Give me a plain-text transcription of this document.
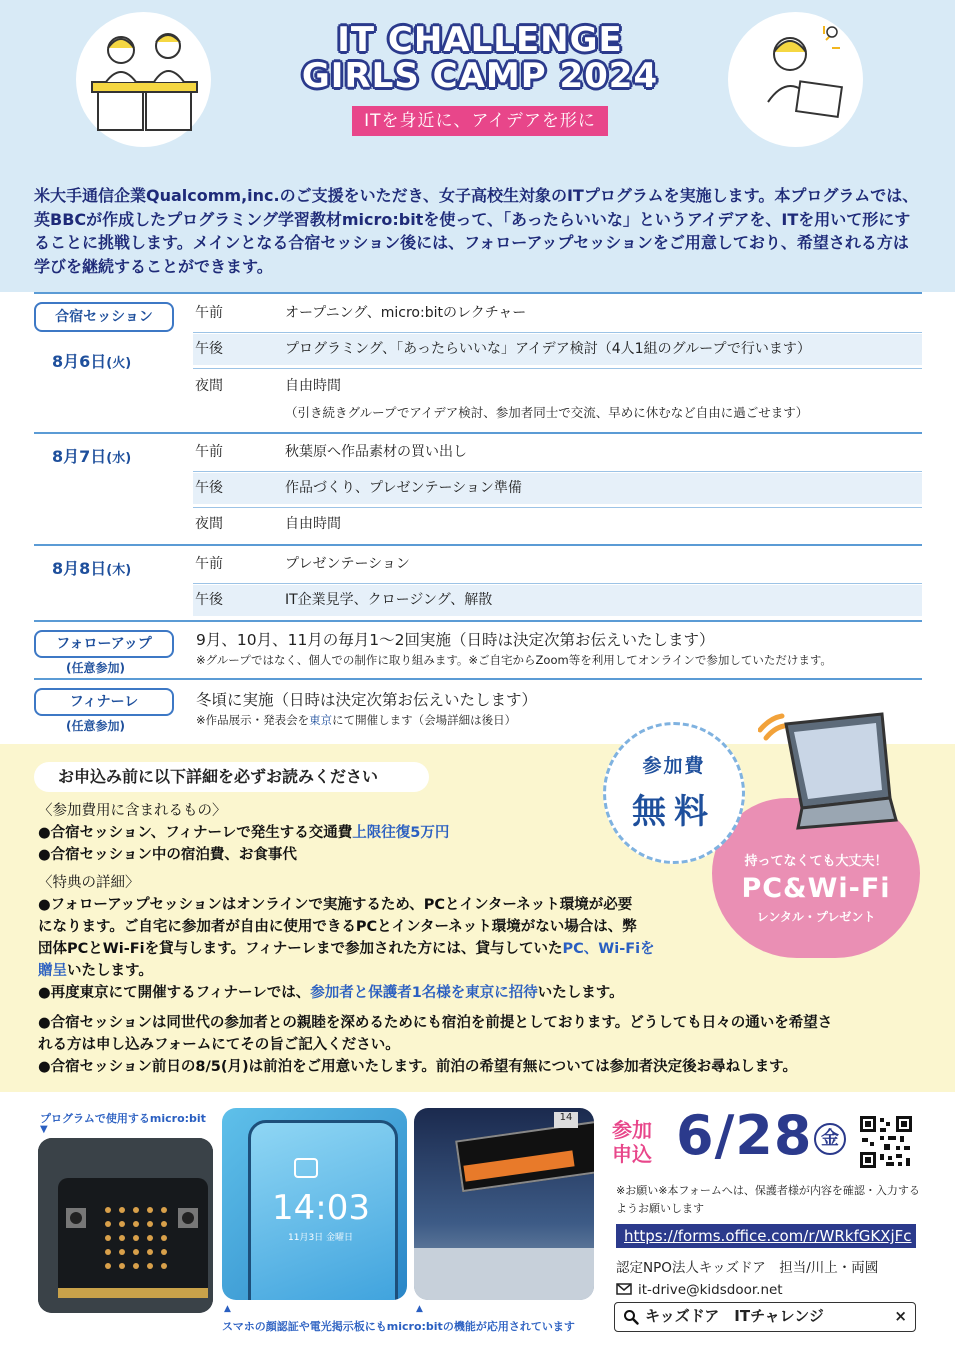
IT CHALLENGE
GIRLS CAMP 2024
ITを身近に、アイデアを形に
米大手通信企業Qualcomm,inc.のご支援をいただき、女子高校生対象のITプログラムを実施します。本プログラムでは、英BBCが作成したプログラミング学習教材micro:bitを使って、「あったらいいな」というアイデアを、ITを用いて形にすることに挑戦します。メインとなる合宿セッション後には、フォローアップセッションをご用意しており、希望される方は学びを継続することができます。
合宿セッション
8月6日(火)
午前	オープニング、micro:bitのレクチャー
午後	プログラミング、「あったらいいな」アイデア検討（4人1組のグループで行います）
夜間	自由時間
（引き続きグループでアイデア検討、参加者同士で交流、早めに休むなど自由に過ごせます）
8月7日(水)	午前	秋葉原へ作品素材の買い出し
午後	作品づくり、プレゼンテーション準備
夜間	自由時間
8月8日(木)	午前	プレゼンテーション
午後	IT企業見学、クロージング、解散
フォローアップ
(任意参加)
9月、10月、11月の毎月1～2回実施（日時は決定次第お伝えいたします）
※グループではなく、個人での制作に取り組みます。※ご自宅からZoom等を利用してオンラインで参加していただけます。
フィナーレ
(任意参加)
冬頃に実施（日時は決定次第お伝えいたします）
※作品展示・発表会を東京にて開催します（会場詳細は後日）
お申込み前に以下詳細を必ずお読みください
〈参加費用に含まれるもの〉
●合宿セッション、フィナーレで発生する交通費上限往復5万円
●合宿セッション中の宿泊費、お食事代
〈特典の詳細〉
●フォローアップセッションはオンラインで実施するため、PCとインターネット環境が必要
になります。ご自宅に参加者が自由に使用できるPCとインターネット環境がない場合は、弊
団体PCとWi-Fiを貸与します。フィナーレまで参加された方には、貸与していたPC、Wi-Fiを
贈呈いたします。
●再度東京にて開催するフィナーレでは、参加者と保護者1名様を東京に招待いたします。
●合宿セッションは同世代の参加者との親睦を深めるためにも宿泊を前提としております。どうしても日々の通いを希望さ
れる方は申し込みフォームにてその旨ご記入ください。
●合宿セッション前日の8/5(月)は前泊をご用意いたします。前泊の希望有無については参加者決定後お尋ねします。
持ってなくても大丈夫！
PC&Wi-Fi
レンタル・プレゼント
参加費
無料
プログラムで使用するmicro:bit
▼
14:03
11月3日 金曜日
14
▲	▲
スマホの顔認証や電光掲示板にもmicro:bitの機能が応用されています
参加
申込 6/28 金
※お願い※本フォームへは、保護者様が内容を確認・入力するようお願いします
https://forms.office.com/r/WRkfGKXjFc
認定NPO法人キッズドア　担当/川上・両國
it-drive@kidsdoor.net
キッズドア　ITチャレンジ	×
